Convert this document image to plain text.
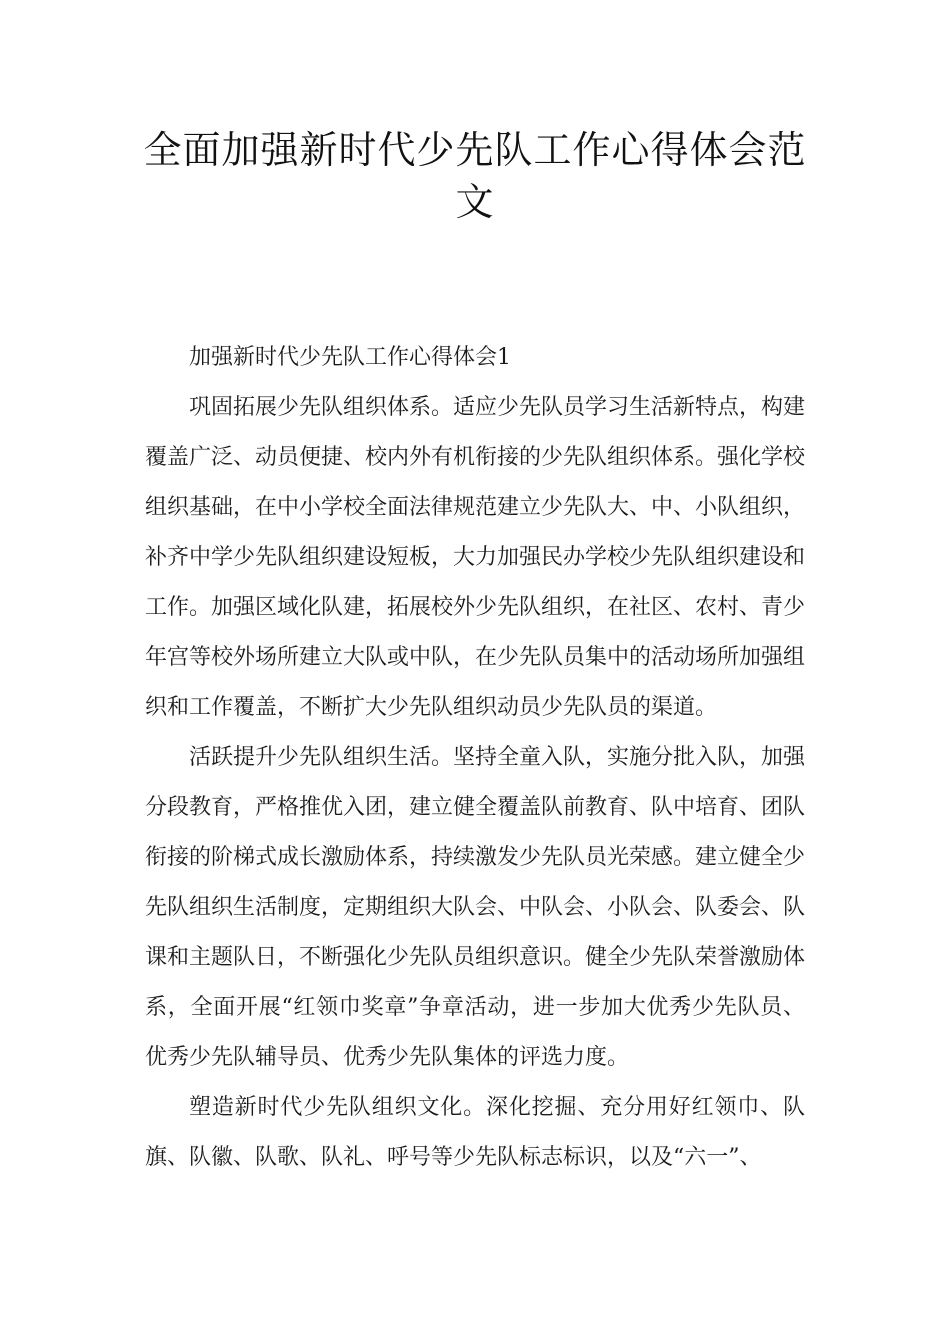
全面加强新时代少先队工作心得体会范文

加强新时代少先队工作心得体会1

巩固拓展少先队组织体系。适应少先队员学习生活新特点，构建覆盖广泛、动员便捷、校内外有机衔接的少先队组织体系。强化学校组织基础，在中小学校全面法律规范建立少先队大、中、小队组织，补齐中学少先队组织建设短板，大力加强民办学校少先队组织建设和工作。加强区域化队建，拓展校外少先队组织，在社区、农村、青少年宫等校外场所建立大队或中队，在少先队员集中的活动场所加强组织和工作覆盖，不断扩大少先队组织动员少先队员的渠道。

活跃提升少先队组织生活。坚持全童入队，实施分批入队，加强分段教育，严格推优入团，建立健全覆盖队前教育、队中培育、团队衔接的阶梯式成长激励体系，持续激发少先队员光荣感。建立健全少先队组织生活制度，定期组织大队会、中队会、小队会、队委会、队课和主题队日，不断强化少先队员组织意识。健全少先队荣誉激励体系，全面开展“红领巾奖章”争章活动，进一步加大优秀少先队员、优秀少先队辅导员、优秀少先队集体的评选力度。

塑造新时代少先队组织文化。深化挖掘、充分用好红领巾、队旗、队徽、队歌、队礼、呼号等少先队标志标识，以及“六一”、
